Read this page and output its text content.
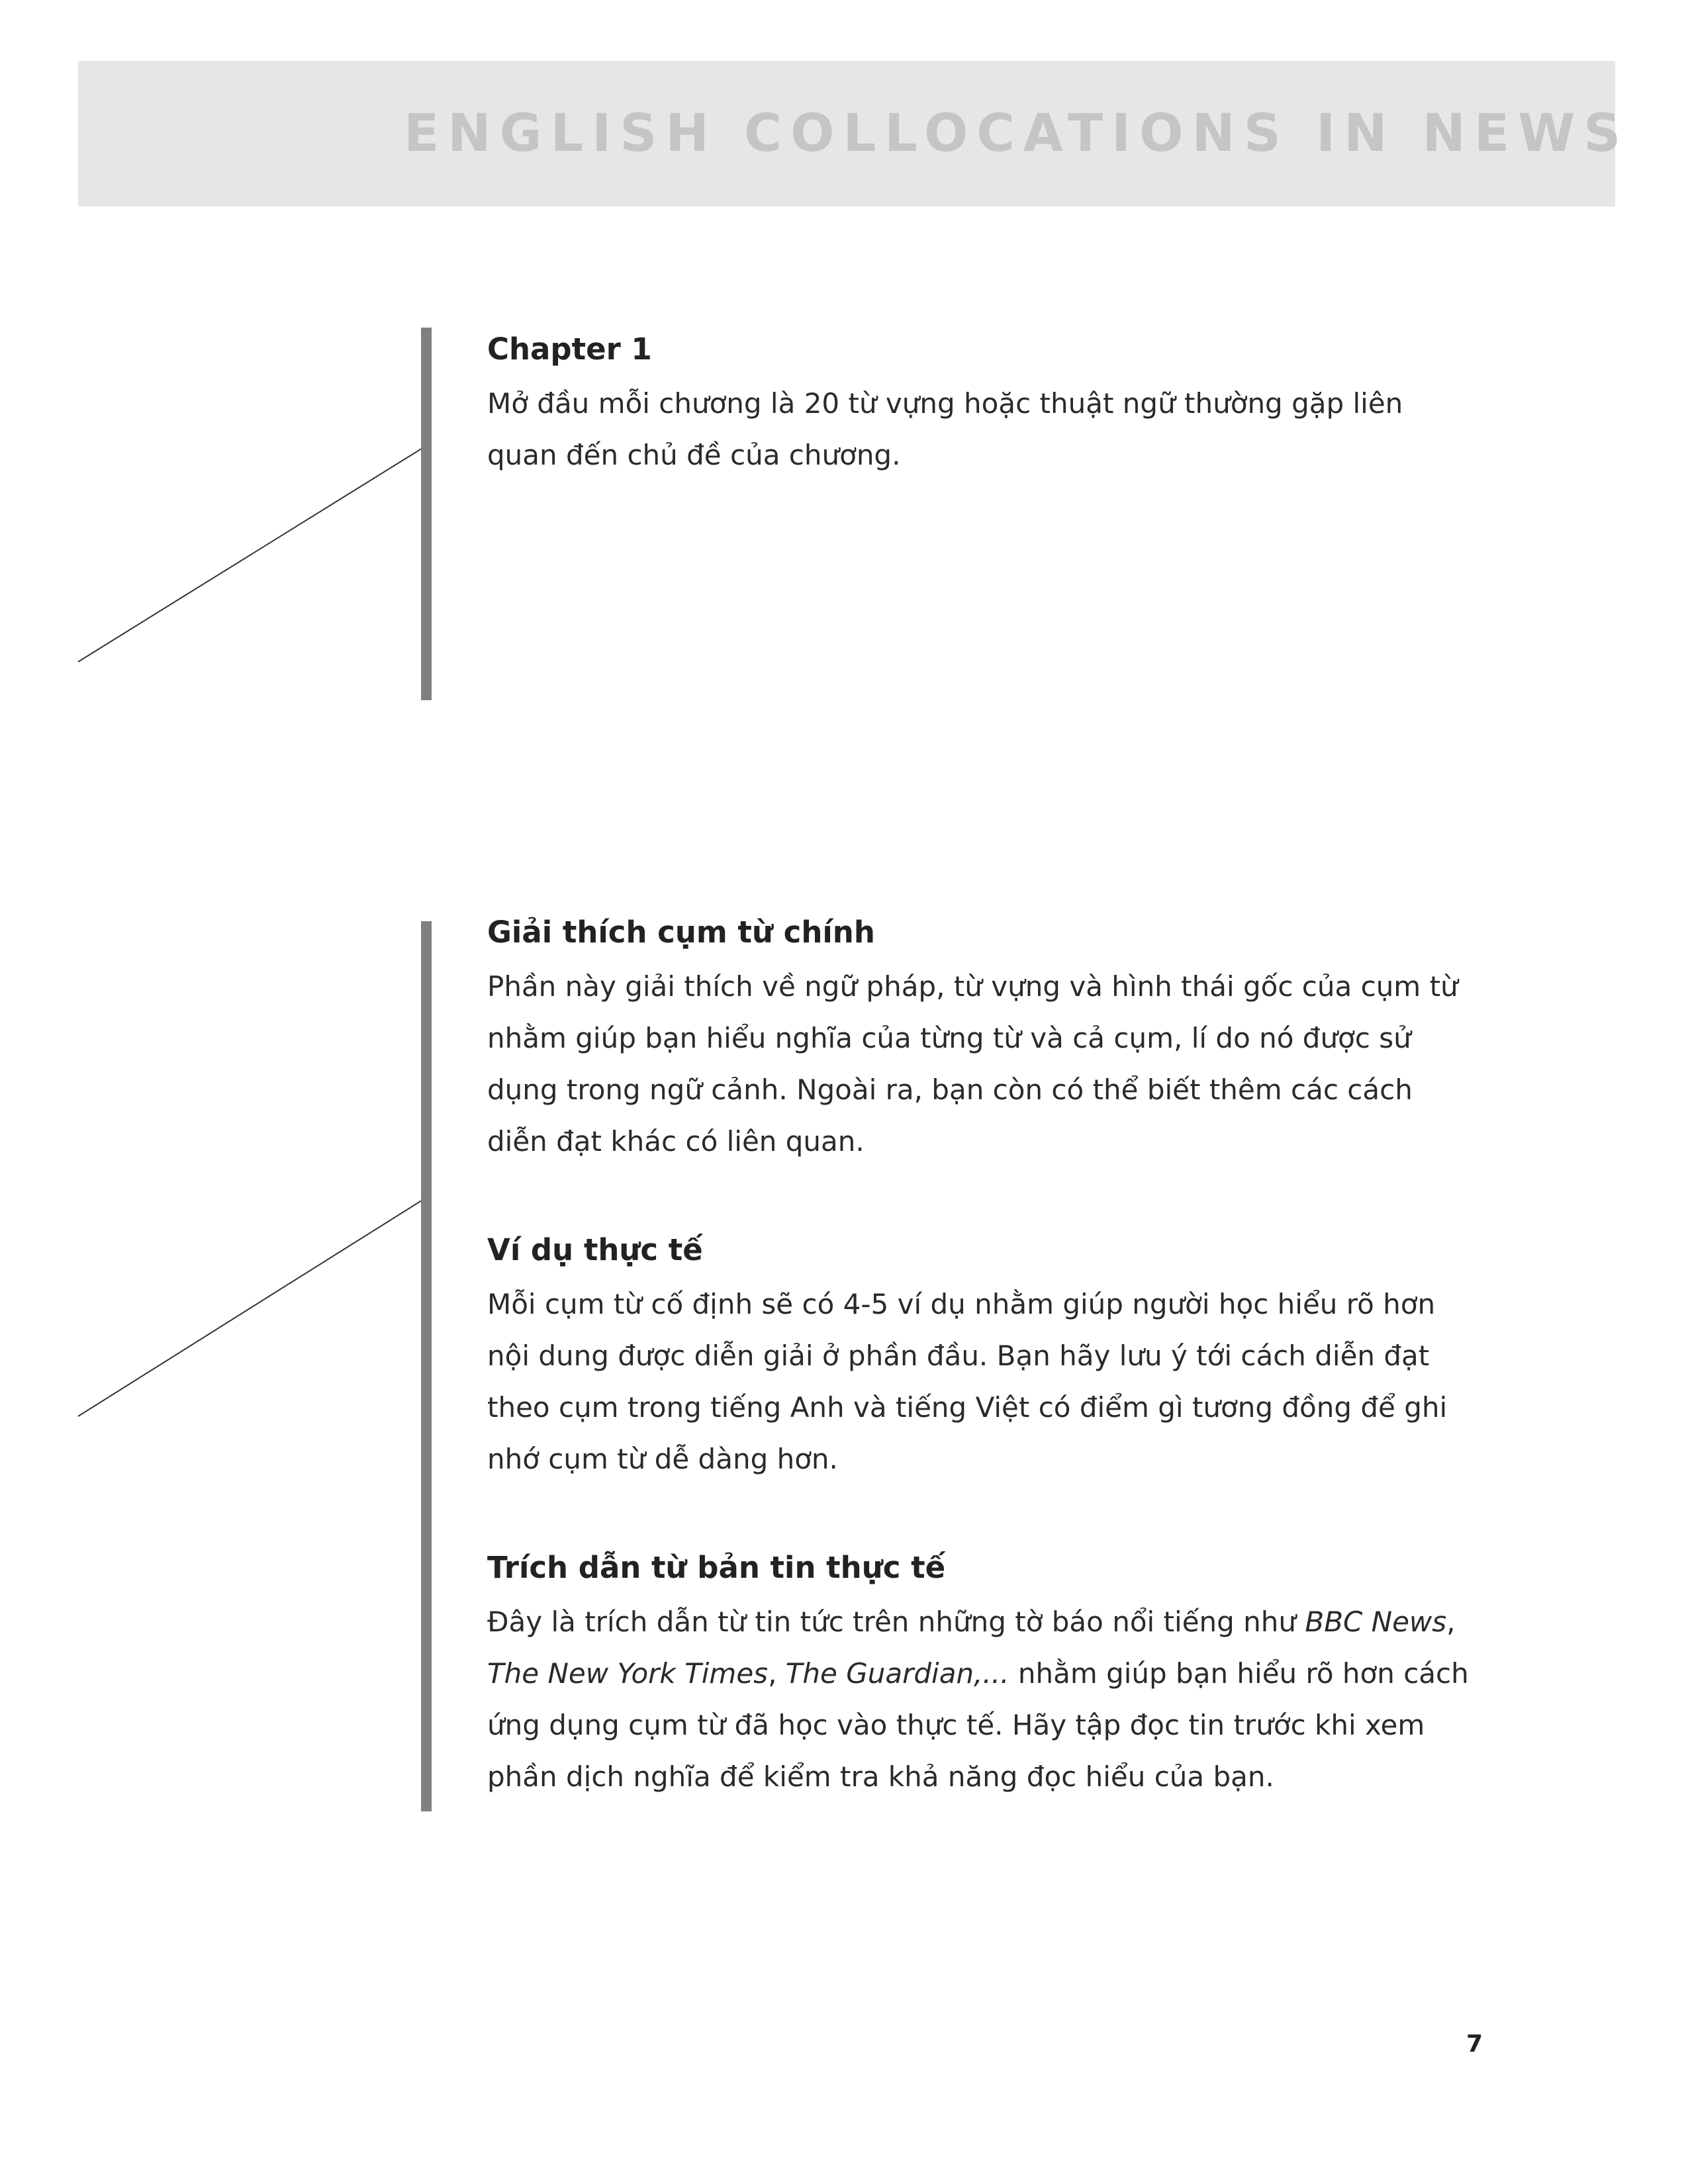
ENGLISH COLLOCATIONS IN NEWS
Chapter 1

Mở đầu mỗi chương là 20 từ vựng hoặc thuật ngữ thường gặp liên quan đến chủ đề của chương.

Giải thích cụm từ chính

Phần này giải thích về ngữ pháp, từ vựng và hình thái gốc của cụm từ nhằm giúp bạn hiểu nghĩa của từng từ và cả cụm, lí do nó được sử dụng trong ngữ cảnh. Ngoài ra, bạn còn có thể biết thêm các cách diễn đạt khác có liên quan.

Ví dụ thực tế

Mỗi cụm từ cố định sẽ có 4-5 ví dụ nhằm giúp người học hiểu rõ hơn nội dung được diễn giải ở phần đầu. Bạn hãy lưu ý tới cách diễn đạt theo cụm trong tiếng Anh và tiếng Việt có điểm gì tương đồng để ghi nhớ cụm từ dễ dàng hơn.

Trích dẫn từ bản tin thực tế

Đây là trích dẫn từ tin tức trên những tờ báo nổi tiếng như BBC News, The New York Times, The Guardian,... nhằm giúp bạn hiểu rõ hơn cách ứng dụng cụm từ đã học vào thực tế. Hãy tập đọc tin trước khi xem phần dịch nghĩa để kiểm tra khả năng đọc hiểu của bạn.

7
